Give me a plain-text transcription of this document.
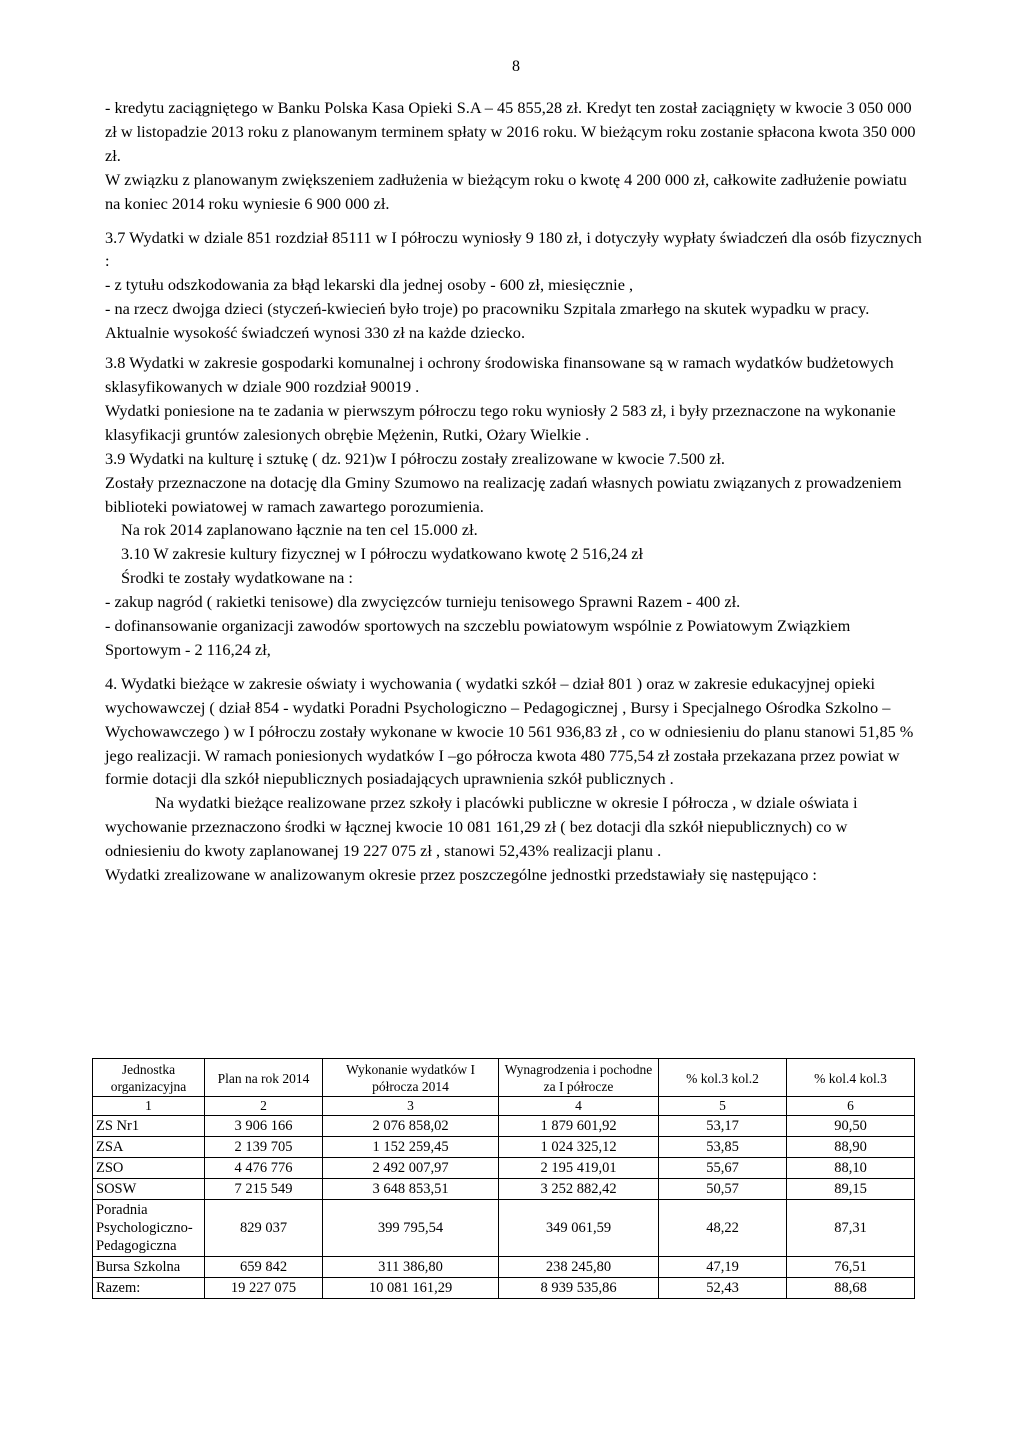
8

- kredytu zaciągniętego w Banku Polska Kasa Opieki S.A – 45 855,28 zł. Kredyt ten został zaciągnięty w kwocie 3 050 000 zł w listopadzie 2013 roku z planowanym terminem spłaty w 2016 roku. W bieżącym roku zostanie spłacona kwota 350 000 zł.

W związku z planowanym zwiększeniem zadłużenia w bieżącym roku o kwotę 4 200 000 zł, całkowite zadłużenie powiatu na koniec 2014 roku wyniesie 6 900 000 zł.

3.7 Wydatki w dziale 851 rozdział 85111 w I półroczu wyniosły 9 180 zł, i dotyczyły wypłaty świadczeń dla osób fizycznych :

- z tytułu odszkodowania za błąd lekarski dla jednej osoby - 600 zł, miesięcznie ,

- na rzecz dwojga dzieci (styczeń-kwiecień było troje) po pracowniku Szpitala zmarłego na skutek wypadku w pracy. Aktualnie wysokość świadczeń wynosi 330 zł na każde dziecko.

3.8 Wydatki w zakresie gospodarki komunalnej i ochrony środowiska finansowane są w ramach wydatków budżetowych sklasyfikowanych w dziale 900 rozdział 90019 .

Wydatki poniesione na te zadania w pierwszym półroczu tego roku wyniosły 2 583 zł, i były przeznaczone na wykonanie klasyfikacji gruntów zalesionych obrębie Mężenin, Rutki, Ożary Wielkie .

3.9 Wydatki na kulturę i sztukę ( dz. 921)w I półroczu zostały zrealizowane w kwocie 7.500 zł.

Zostały przeznaczone na dotację dla Gminy Szumowo na realizację zadań własnych powiatu związanych z prowadzeniem biblioteki powiatowej w ramach zawartego porozumienia.

Na rok 2014 zaplanowano łącznie na ten cel 15.000 zł.

3.10 W zakresie kultury fizycznej w I półroczu wydatkowano kwotę 2 516,24 zł

Środki te zostały wydatkowane na :

- zakup nagród ( rakietki tenisowe) dla zwycięzców turnieju tenisowego Sprawni Razem - 400 zł.

- dofinansowanie organizacji zawodów sportowych na szczeblu powiatowym wspólnie z Powiatowym Związkiem Sportowym - 2 116,24 zł,

4. Wydatki bieżące w zakresie oświaty i wychowania ( wydatki szkół – dział 801 ) oraz w zakresie edukacyjnej opieki wychowawczej ( dział 854 - wydatki Poradni Psychologiczno – Pedagogicznej , Bursy i Specjalnego Ośrodka Szkolno – Wychowawczego ) w I półroczu zostały wykonane w kwocie 10 561 936,83 zł , co w odniesieniu do planu stanowi 51,85 % jego realizacji. W ramach poniesionych wydatków I –go półrocza kwota 480 775,54 zł została przekazana przez powiat w formie dotacji dla szkół niepublicznych posiadających uprawnienia szkół publicznych .

Na wydatki bieżące realizowane przez szkoły i placówki publiczne w okresie I półrocza , w dziale oświata i wychowanie przeznaczono środki w łącznej kwocie 10 081 161,29 zł ( bez dotacji dla szkół niepublicznych) co w odniesieniu do kwoty zaplanowanej 19 227 075 zł , stanowi 52,43% realizacji planu .

Wydatki zrealizowane w analizowanym okresie przez poszczególne jednostki przedstawiały się następująco :

Jednostka organizacyjna	Plan na rok 2014	Wykonanie wydatków I półrocza 2014	Wynagrodzenia i pochodne za I półrocze	% kol.3 kol.2	% kol.4 kol.3
1	2	3	4	5	6
ZS Nr1	3 906 166	2 076 858,02	1 879 601,92	53,17	90,50
ZSA	2 139 705	1 152 259,45	1 024 325,12	53,85	88,90
ZSO	4 476 776	2 492 007,97	2 195 419,01	55,67	88,10
SOSW	7 215 549	3 648 853,51	3 252 882,42	50,57	89,15
Poradnia Psychologiczno-Pedagogiczna	829 037	399 795,54	349 061,59	48,22	87,31
Bursa Szkolna	659 842	311 386,80	238 245,80	47,19	76,51
Razem:	19 227 075	10 081 161,29	8 939 535,86	52,43	88,68
